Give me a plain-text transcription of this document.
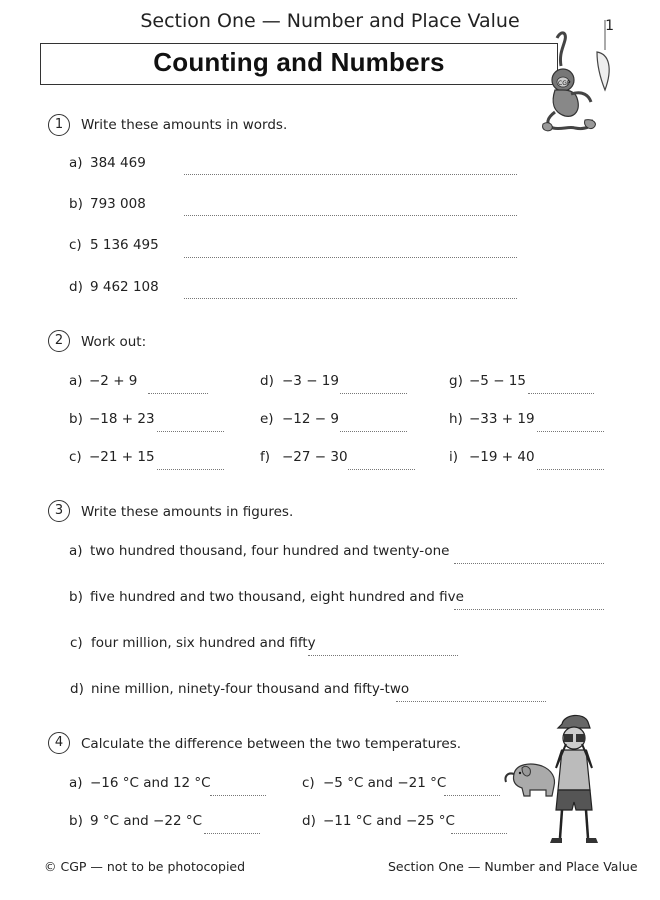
Section One — Number and Place Value	1
Counting and Numbers
CGP
1	Write these amounts in words.
a) 384 469
b) 793 008
c) 5 136 495
d) 9 462 108
2	Work out:
a) −2 + 9
b) −18 + 23
c) −21 + 15
d) −3 − 19
e) −12 − 9
f) −27 − 30
g) −5 − 15
h) −33 + 19
i) −19 + 40
3	Write these amounts in figures.
a) two hundred thousand, four hundred and twenty-one
b) five hundred and two thousand, eight hundred and five
c) four million, six hundred and fifty
d) nine million, ninety-four thousand and fifty-two
4	Calculate the difference between the two temperatures.
a) −16 °C and 12 °C
b) 9 °C and −22 °C
c) −5 °C and −21 °C
d) −11 °C and −25 °C
© CGP — not to be photocopied	Section One — Number and Place Value
